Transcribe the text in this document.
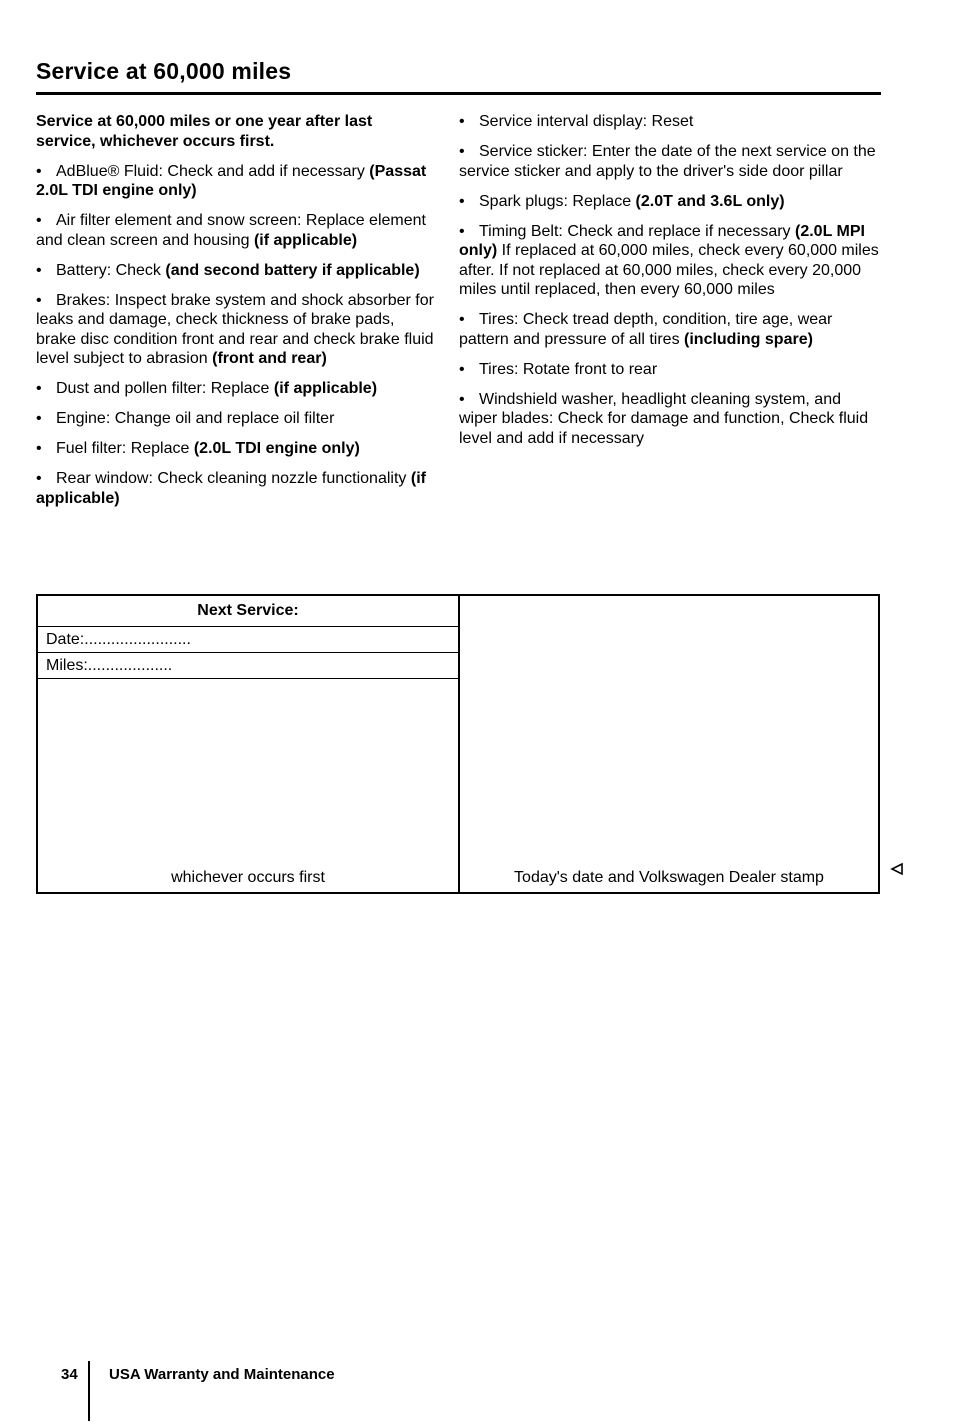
Service at 60,000 miles

Service at 60,000 miles or one year after last service, whichever occurs first.

• AdBlue® Fluid: Check and add if necessary (Passat 2.0L TDI engine only)

• Air filter element and snow screen: Replace element and clean screen and housing (if applicable)

• Battery: Check (and second battery if applicable)

• Brakes: Inspect brake system and shock absorber for leaks and damage, check thickness of brake pads, brake disc condition front and rear and check brake fluid level subject to abrasion (front and rear)

• Dust and pollen filter: Replace (if applicable)

• Engine: Change oil and replace oil filter

• Fuel filter: Replace (2.0L TDI engine only)

• Rear window: Check cleaning nozzle functionality (if applicable)

• Service interval display: Reset

• Service sticker: Enter the date of the next service on the service sticker and apply to the driver's side door pillar

• Spark plugs: Replace (2.0T and 3.6L only)

• Timing Belt: Check and replace if necessary (2.0L MPI only) If replaced at 60,000 miles, check every 60,000 miles after. If not replaced at 60,000 miles, check every 20,000 miles until replaced, then every 60,000 miles

• Tires: Check tread depth, condition, tire age, wear pattern and pressure of all tires (including spare)

• Tires: Rotate front to rear

• Windshield washer, headlight cleaning system, and wiper blades: Check for damage and function, Check fluid level and add if necessary

Next Service:	Today's date and Volkswagen Dealer stamp
Date:........................
Miles:...................

whichever occurs first
34 USA Warranty and Maintenance
